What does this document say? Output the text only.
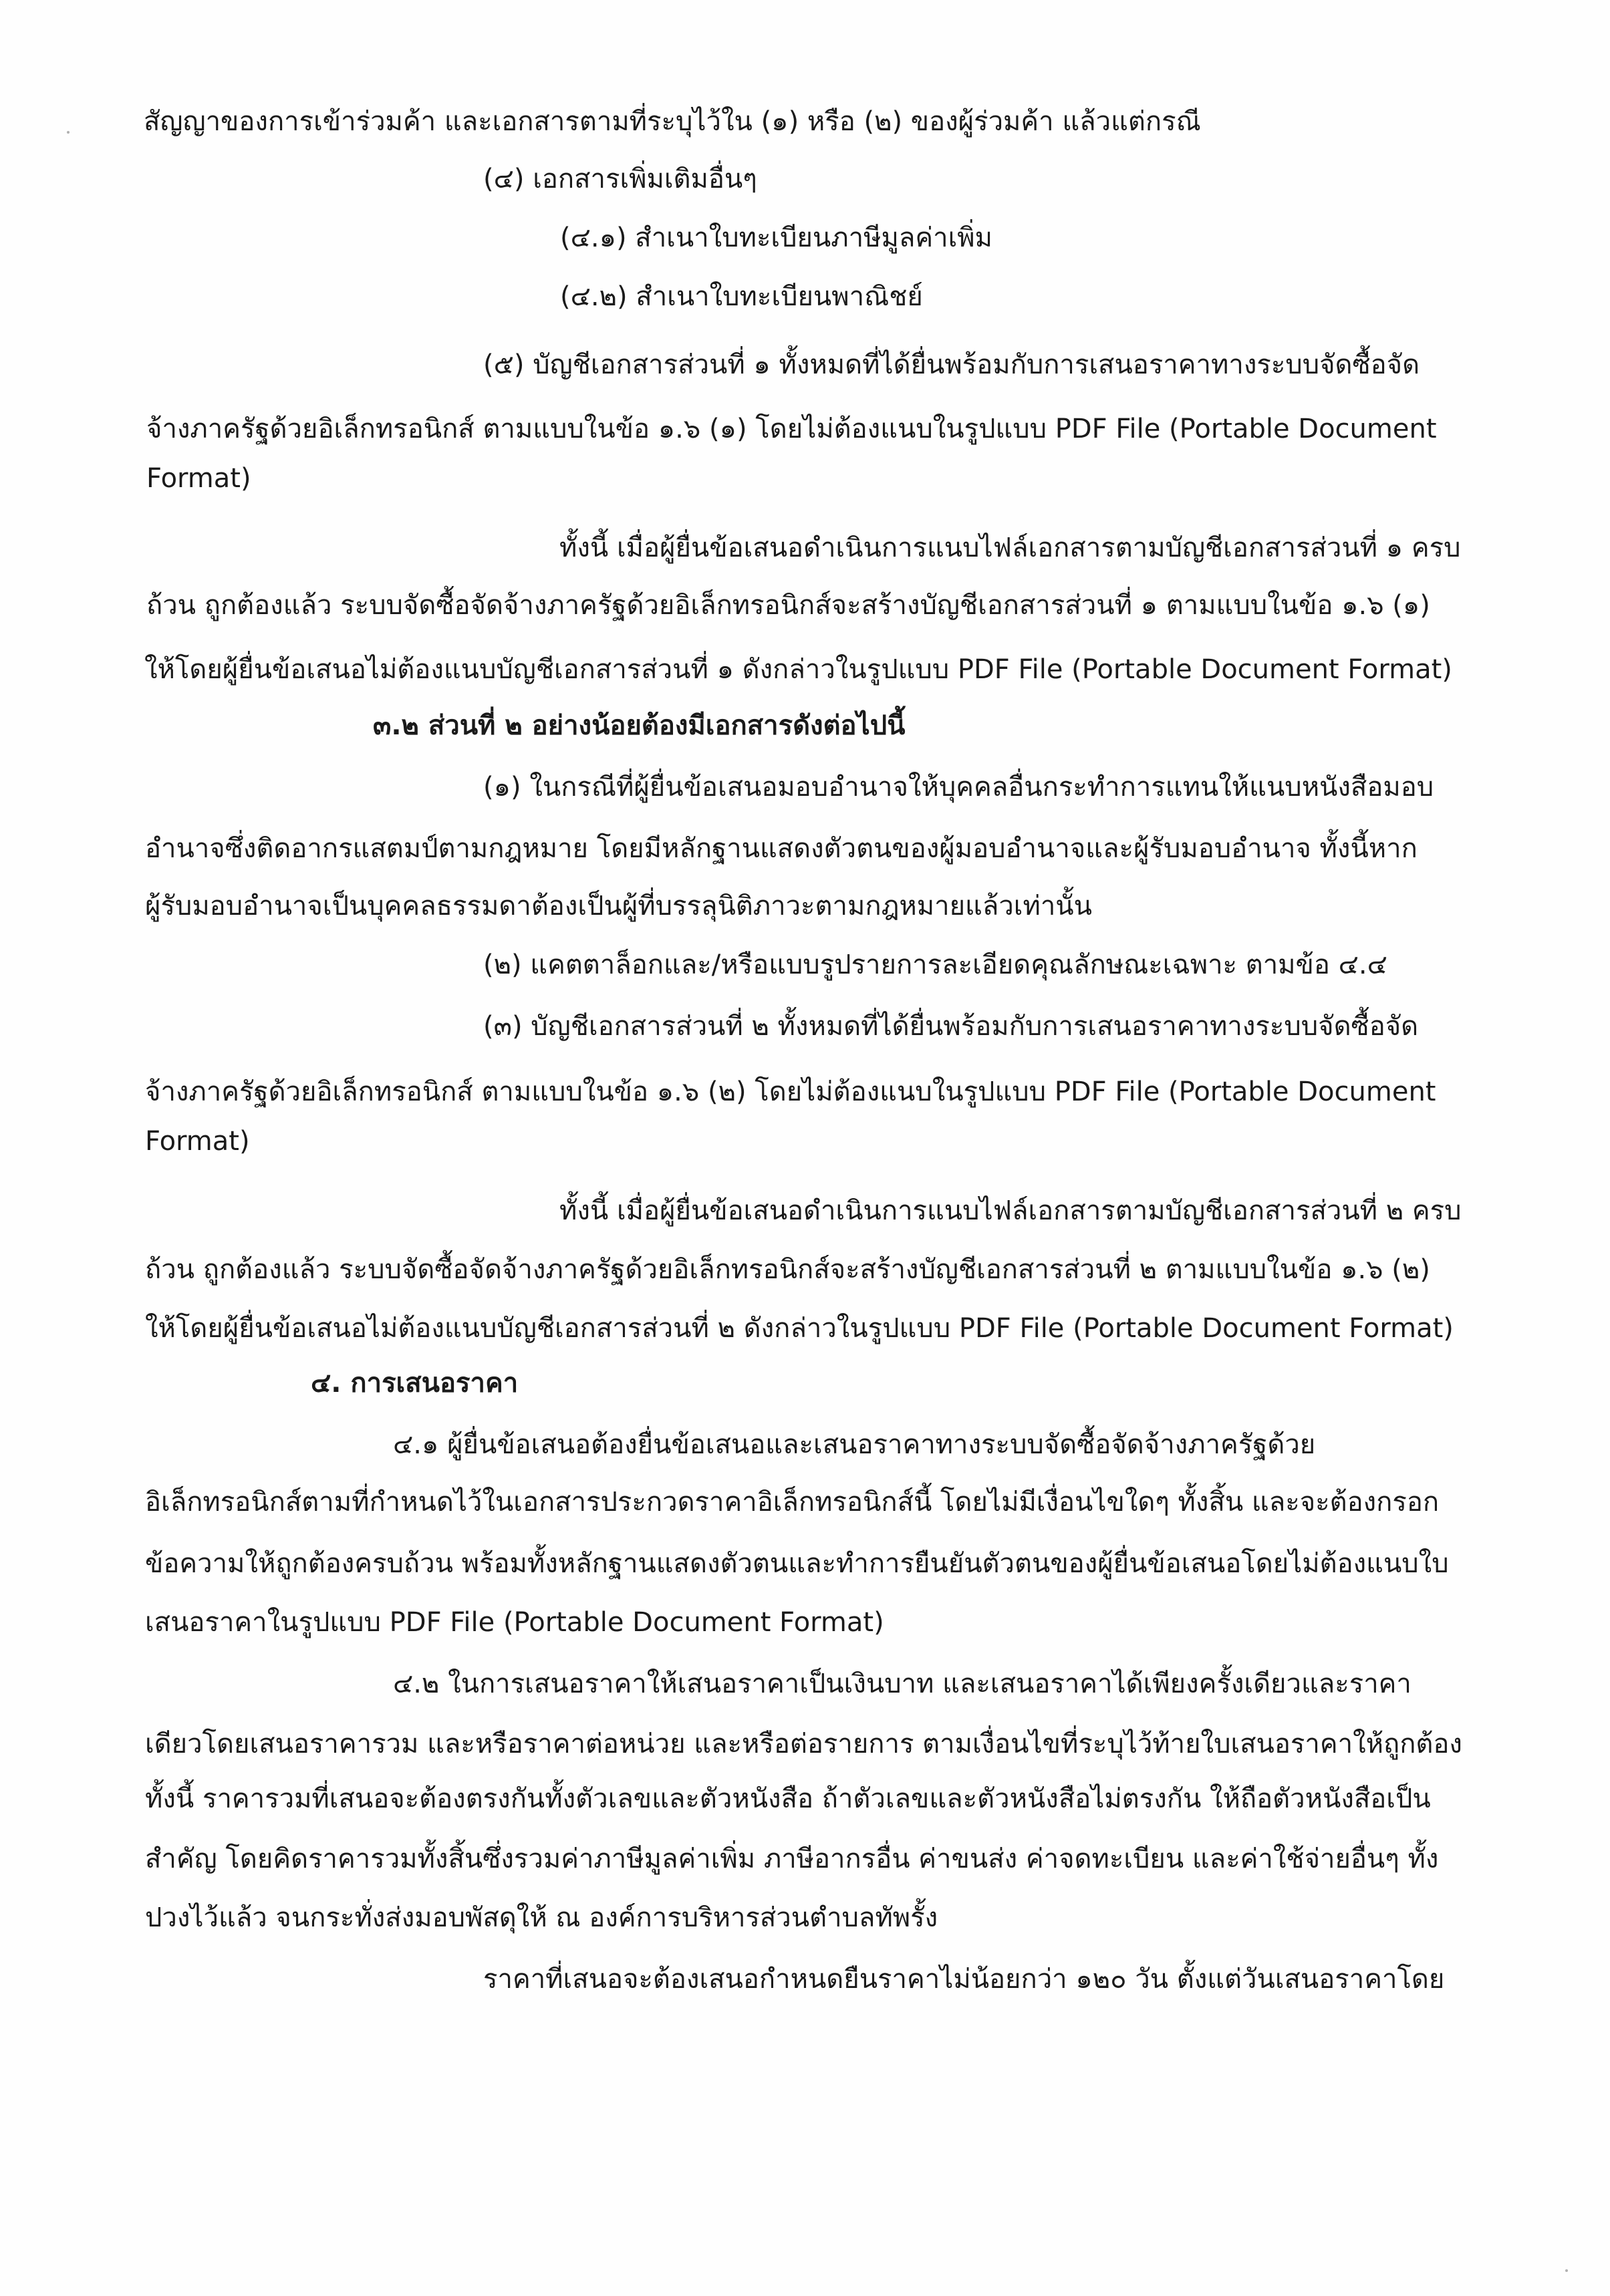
สัญญาของการเข้าร่วมค้า และเอกสารตามที่ระบุไว้ใน (๑) หรือ (๒) ของผู้ร่วมค้า แล้วแต่กรณี
(๔) เอกสารเพิ่มเติมอื่นๆ
(๔.๑) สำเนาใบทะเบียนภาษีมูลค่าเพิ่ม
(๔.๒) สำเนาใบทะเบียนพาณิชย์
(๕) บัญชีเอกสารส่วนที่ ๑ ทั้งหมดที่ได้ยื่นพร้อมกับการเสนอราคาทางระบบจัดซื้อจัด
จ้างภาครัฐด้วยอิเล็กทรอนิกส์ ตามแบบในข้อ ๑.๖ (๑) โดยไม่ต้องแนบในรูปแบบ PDF File (Portable Document
Format)
ทั้งนี้ เมื่อผู้ยื่นข้อเสนอดำเนินการแนบไฟล์เอกสารตามบัญชีเอกสารส่วนที่ ๑ ครบ
ถ้วน ถูกต้องแล้ว ระบบจัดซื้อจัดจ้างภาครัฐด้วยอิเล็กทรอนิกส์จะสร้างบัญชีเอกสารส่วนที่ ๑ ตามแบบในข้อ ๑.๖ (๑)
ให้โดยผู้ยื่นข้อเสนอไม่ต้องแนบบัญชีเอกสารส่วนที่ ๑ ดังกล่าวในรูปแบบ PDF File (Portable Document Format)
๓.๒ ส่วนที่ ๒ อย่างน้อยต้องมีเอกสารดังต่อไปนี้
(๑) ในกรณีที่ผู้ยื่นข้อเสนอมอบอำนาจให้บุคคลอื่นกระทำการแทนให้แนบหนังสือมอบ
อำนาจซึ่งติดอากรแสตมป์ตามกฎหมาย โดยมีหลักฐานแสดงตัวตนของผู้มอบอำนาจและผู้รับมอบอำนาจ ทั้งนี้หาก
ผู้รับมอบอำนาจเป็นบุคคลธรรมดาต้องเป็นผู้ที่บรรลุนิติภาวะตามกฎหมายแล้วเท่านั้น
(๒) แคตตาล็อกและ/หรือแบบรูปรายการละเอียดคุณลักษณะเฉพาะ ตามข้อ ๔.๔
(๓) บัญชีเอกสารส่วนที่ ๒ ทั้งหมดที่ได้ยื่นพร้อมกับการเสนอราคาทางระบบจัดซื้อจัด
จ้างภาครัฐด้วยอิเล็กทรอนิกส์ ตามแบบในข้อ ๑.๖ (๒) โดยไม่ต้องแนบในรูปแบบ PDF File (Portable Document
Format)
ทั้งนี้ เมื่อผู้ยื่นข้อเสนอดำเนินการแนบไฟล์เอกสารตามบัญชีเอกสารส่วนที่ ๒ ครบ
ถ้วน ถูกต้องแล้ว ระบบจัดซื้อจัดจ้างภาครัฐด้วยอิเล็กทรอนิกส์จะสร้างบัญชีเอกสารส่วนที่ ๒ ตามแบบในข้อ ๑.๖ (๒)
ให้โดยผู้ยื่นข้อเสนอไม่ต้องแนบบัญชีเอกสารส่วนที่ ๒ ดังกล่าวในรูปแบบ PDF File (Portable Document Format)
๔. การเสนอราคา
๔.๑ ผู้ยื่นข้อเสนอต้องยื่นข้อเสนอและเสนอราคาทางระบบจัดซื้อจัดจ้างภาครัฐด้วย
อิเล็กทรอนิกส์ตามที่กำหนดไว้ในเอกสารประกวดราคาอิเล็กทรอนิกส์นี้ โดยไม่มีเงื่อนไขใดๆ ทั้งสิ้น และจะต้องกรอก
ข้อความให้ถูกต้องครบถ้วน พร้อมทั้งหลักฐานแสดงตัวตนและทำการยืนยันตัวตนของผู้ยื่นข้อเสนอโดยไม่ต้องแนบใบ
เสนอราคาในรูปแบบ PDF File (Portable Document Format)
๔.๒ ในการเสนอราคาให้เสนอราคาเป็นเงินบาท และเสนอราคาได้เพียงครั้งเดียวและราคา
เดียวโดยเสนอราคารวม และหรือราคาต่อหน่วย และหรือต่อรายการ ตามเงื่อนไขที่ระบุไว้ท้ายใบเสนอราคาให้ถูกต้อง
ทั้งนี้ ราคารวมที่เสนอจะต้องตรงกันทั้งตัวเลขและตัวหนังสือ ถ้าตัวเลขและตัวหนังสือไม่ตรงกัน ให้ถือตัวหนังสือเป็น
สำคัญ โดยคิดราคารวมทั้งสิ้นซึ่งรวมค่าภาษีมูลค่าเพิ่ม ภาษีอากรอื่น ค่าขนส่ง ค่าจดทะเบียน และค่าใช้จ่ายอื่นๆ ทั้ง
ปวงไว้แล้ว จนกระทั่งส่งมอบพัสดุให้ ณ องค์การบริหารส่วนตำบลทัพรั้ง
ราคาที่เสนอจะต้องเสนอกำหนดยืนราคาไม่น้อยกว่า ๑๒๐ วัน ตั้งแต่วันเสนอราคาโดย
